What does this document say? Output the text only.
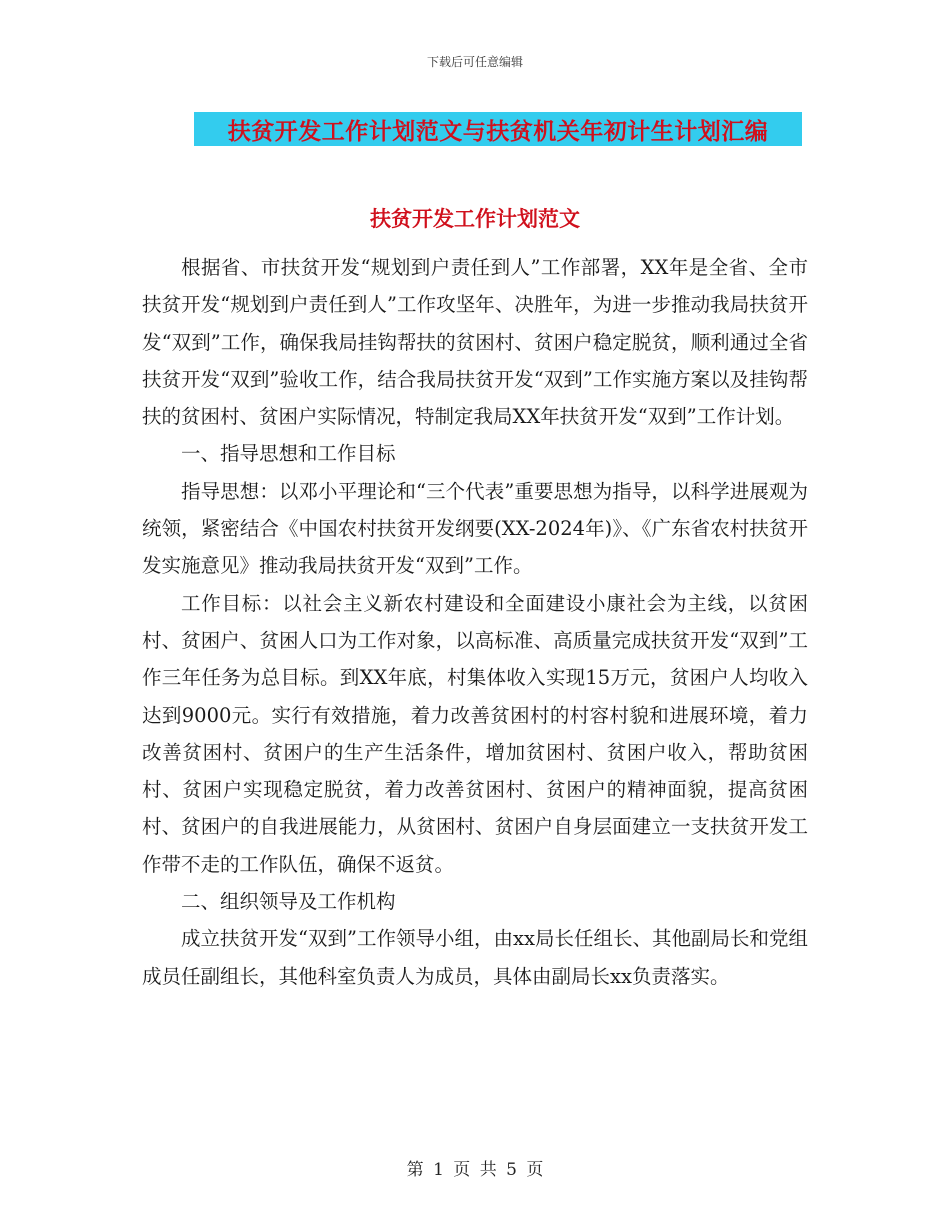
下载后可任意编辑
扶贫开发工作计划范文与扶贫机关年初计生计划汇编
扶贫开发工作计划范文

根据省、市扶贫开发“规划到户责任到人”工作部署，XX年是全省、全市扶贫开发“规划到户责任到人”工作攻坚年、决胜年，为进一步推动我局扶贫开发“双到”工作，确保我局挂钩帮扶的贫困村、贫困户稳定脱贫，顺利通过全省扶贫开发“双到”验收工作，结合我局扶贫开发“双到”工作实施方案以及挂钩帮扶的贫困村、贫困户实际情况，特制定我局XX年扶贫开发“双到”工作计划。

一、指导思想和工作目标

指导思想：以邓小平理论和“三个代表”重要思想为指导，以科学进展观为统领，紧密结合《中国农村扶贫开发纲要(XX-2024年)》、《广东省农村扶贫开发实施意见》推动我局扶贫开发“双到”工作。

工作目标：以社会主义新农村建设和全面建设小康社会为主线，以贫困村、贫困户、贫困人口为工作对象，以高标准、高质量完成扶贫开发“双到”工作三年任务为总目标。到XX年底，村集体收入实现15万元，贫困户人均收入达到9000元。实行有效措施，着力改善贫困村的村容村貌和进展环境，着力改善贫困村、贫困户的生产生活条件，增加贫困村、贫困户收入，帮助贫困村、贫困户实现稳定脱贫，着力改善贫困村、贫困户的精神面貌，提高贫困村、贫困户的自我进展能力，从贫困村、贫困户自身层面建立一支扶贫开发工作带不走的工作队伍，确保不返贫。

二、组织领导及工作机构

成立扶贫开发“双到”工作领导小组，由xx局长任组长、其他副局长和党组成员任副组长，其他科室负责人为成员，具体由副局长xx负责落实。

第 1 页 共 5 页
